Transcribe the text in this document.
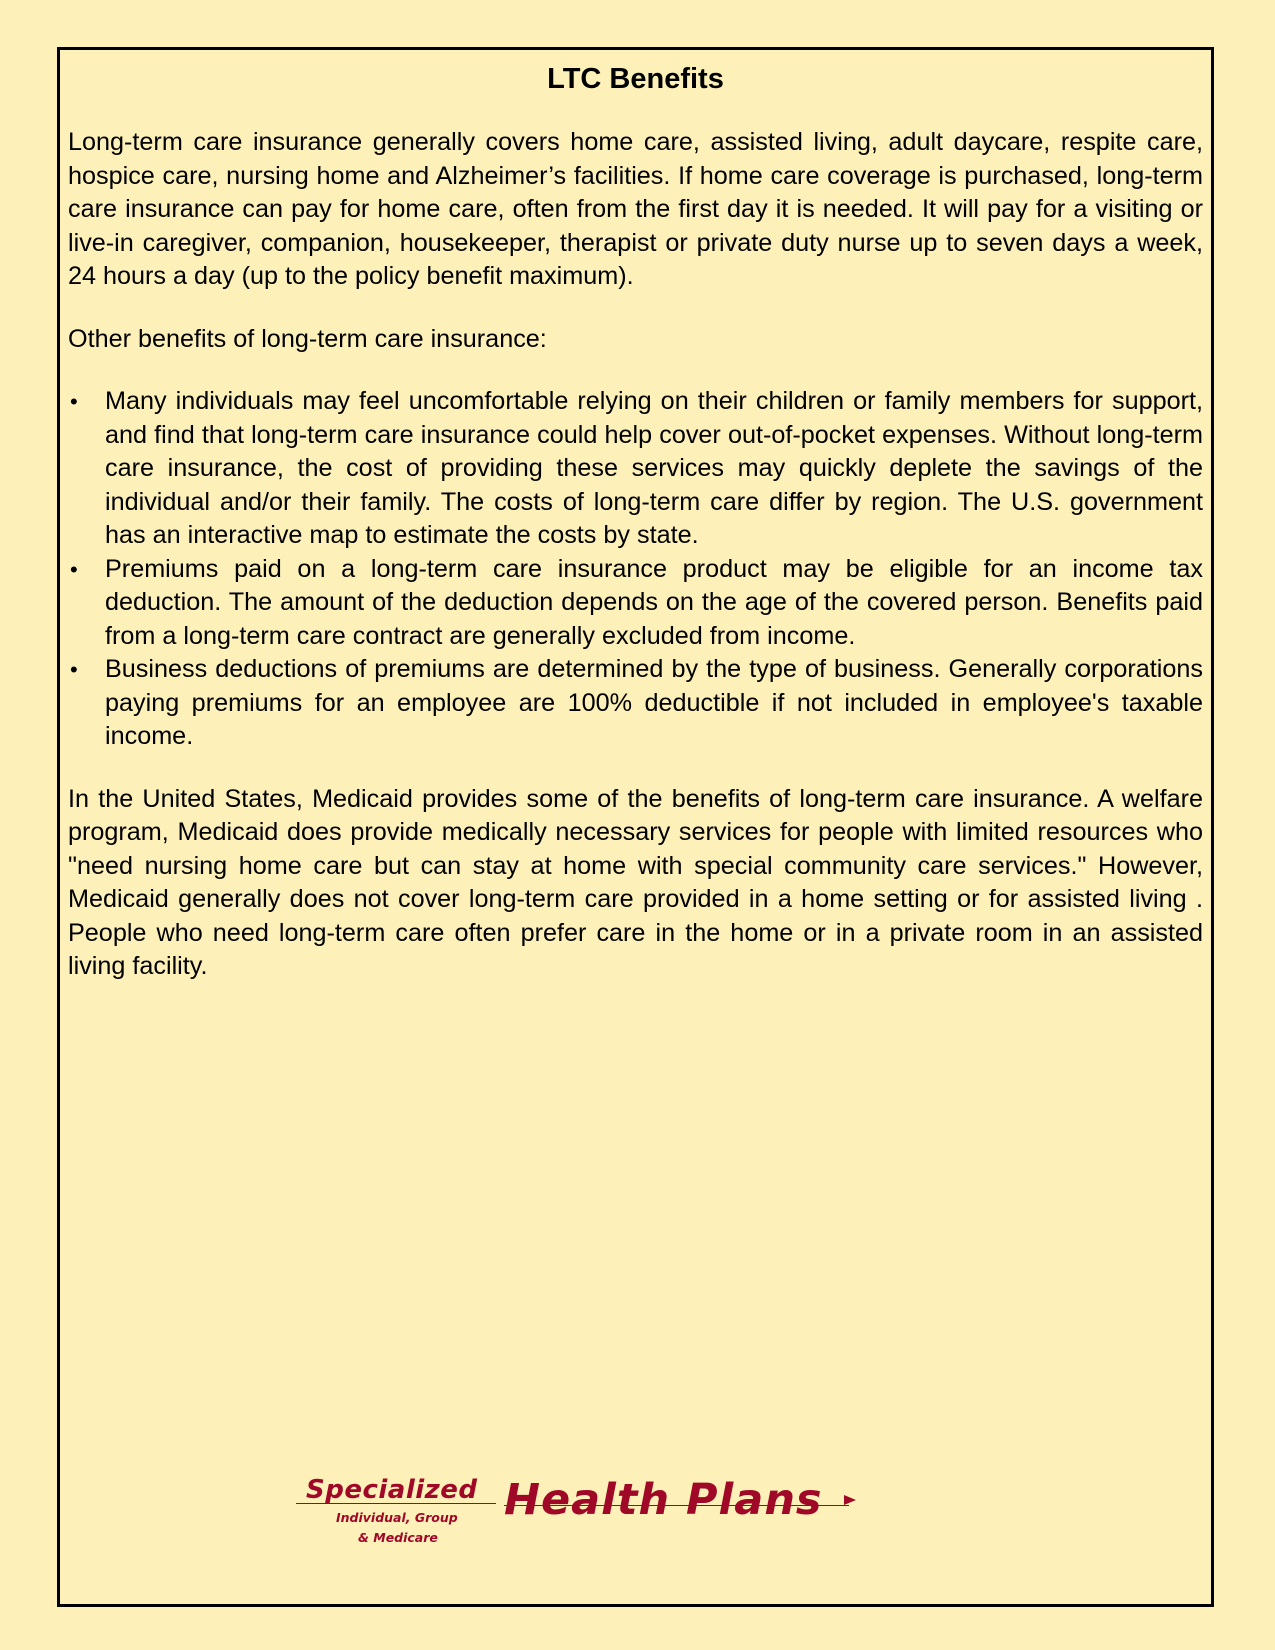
LTC Benefits

Long-term care insurance generally covers home care, assisted living, adult daycare, respite care, hospice care, nursing home and Alzheimer’s facilities. If home care coverage is purchased, long-term care insurance can pay for home care, often from the first day it is needed. It will pay for a visiting or live-in caregiver, companion, housekeeper, therapist or private duty nurse up to seven days a week, 24 hours a day (up to the policy benefit maximum).

Other benefits of long-term care insurance:

• Many individuals may feel uncomfortable relying on their children or family members for support, and find that long-term care insurance could help cover out-of-pocket expenses. Without long-term care insurance, the cost of providing these services may quickly deplete the savings of the individual and/or their family. The costs of long-term care differ by region. The U.S. government has an interactive map to estimate the costs by state.
• Premiums paid on a long-term care insurance product may be eligible for an income tax deduction. The amount of the deduction depends on the age of the covered person. Benefits paid from a long-term care contract are generally excluded from income.
• Business deductions of premiums are determined by the type of business. Generally corporations paying premiums for an employee are 100% deductible if not included in employee's taxable income.

In the United States, Medicaid provides some of the benefits of long-term care insurance. A welfare program, Medicaid does provide medically necessary services for people with limited resources who "need nursing home care but can stay at home with special community care services." However, Medicaid generally does not cover long-term care provided in a home setting or for assisted living . People who need long-term care often prefer care in the home or in a private room in an assisted living facility.

Specialized
Individual, Group
& Medicare
Health Plans
